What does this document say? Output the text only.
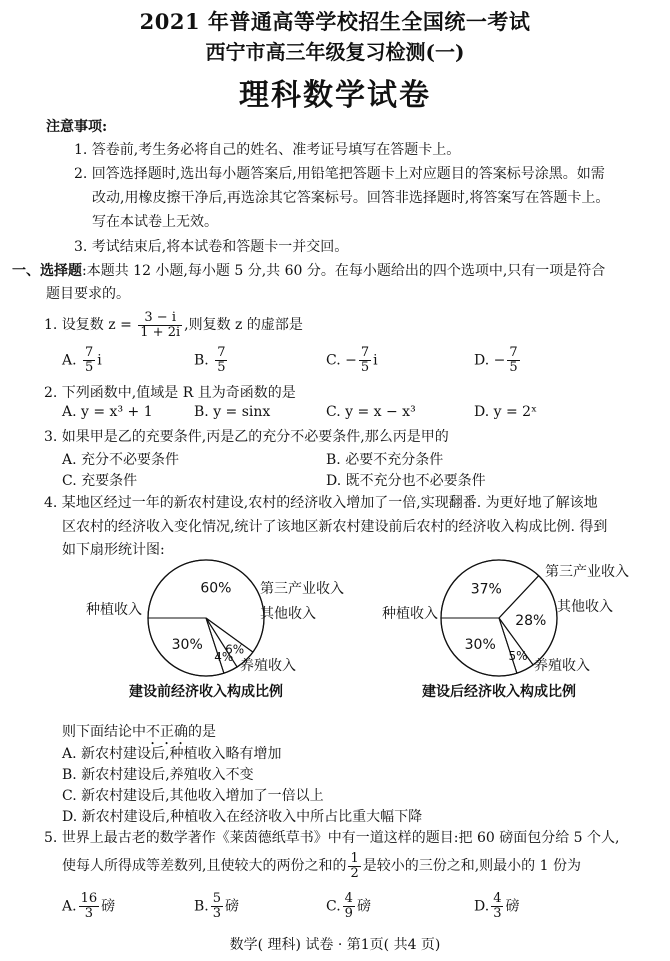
2021 年普通高等学校招生全国统一考试
西宁市高三年级复习检测(一)
理科数学试卷
注意事项:
1. 答卷前,考生务必将自己的姓名、准考证号填写在答题卡上。
2. 回答选择题时,选出每小题答案后,用铅笔把答题卡上对应题目的答案标号涂黑。如需
改动,用橡皮擦干净后,再选涂其它答案标号。回答非选择题时,将答案写在答题卡上。
写在本试卷上无效。
3. 考试结束后,将本试卷和答题卡一并交回。
一、选择题:本题共 12 小题,每小题 5 分,共 60 分。在每小题给出的四个选项中,只有一项是符合
题目要求的。
1. 设复数 $z = \frac{3 - i}{1 + 2i}$ ,则复数 z 的虚部是
A. $\frac{7}{5}$ i	B. $\frac{7}{5}$	C. − $\frac{7}{5}$ i	D. − $\frac{7}{5}$
2. 下列函数中,值域是 R 且为奇函数的是
A. y = x³ + 1	B. y = sinx	C. y = x − x³	D. y = 2ˣ
3. 如果甲是乙的充要条件,丙是乙的充分不必要条件,那么丙是甲的
A. 充分不必要条件	B. 必要不充分条件
C. 充要条件	D. 既不充分也不必要条件
4. 某地区经过一年的新农村建设,农村的经济收入增加了一倍,实现翻番. 为更好地了解该地
区农村的经济收入变化情况,统计了该地区新农村建设前后农村的经济收入构成比例. 得到
如下扇形统计图:
60%
6%
4%
30%
种植收入
第三产业收入
其他收入
养殖收入
建设前经济收入构成比例
37%
28%
5%
30%
种植收入
第三产业收入
其他收入
养殖收入
建设后经济收入构成比例
则下面结论中不正确的是
A. 新农村建设后,种植收入略有增加
B. 新农村建设后,养殖收入不变
C. 新农村建设后,其他收入增加了一倍以上
D. 新农村建设后,种植收入在经济收入中所占比重大幅下降
5. 世界上最古老的数学著作《莱茵德纸草书》中有一道这样的题目:把 60 磅面包分给 5 个人,
使每人所得成等差数列,且使较大的两份之和的 $\frac{1}{2}$ 是较小的三份之和,则最小的 1 份为
A. $\frac{16}{3}$ 磅	B. $\frac{5}{3}$ 磅	C. $\frac{4}{9}$ 磅	D. $\frac{4}{3}$ 磅
数学( 理科) 试卷 · 第1页( 共4 页)
